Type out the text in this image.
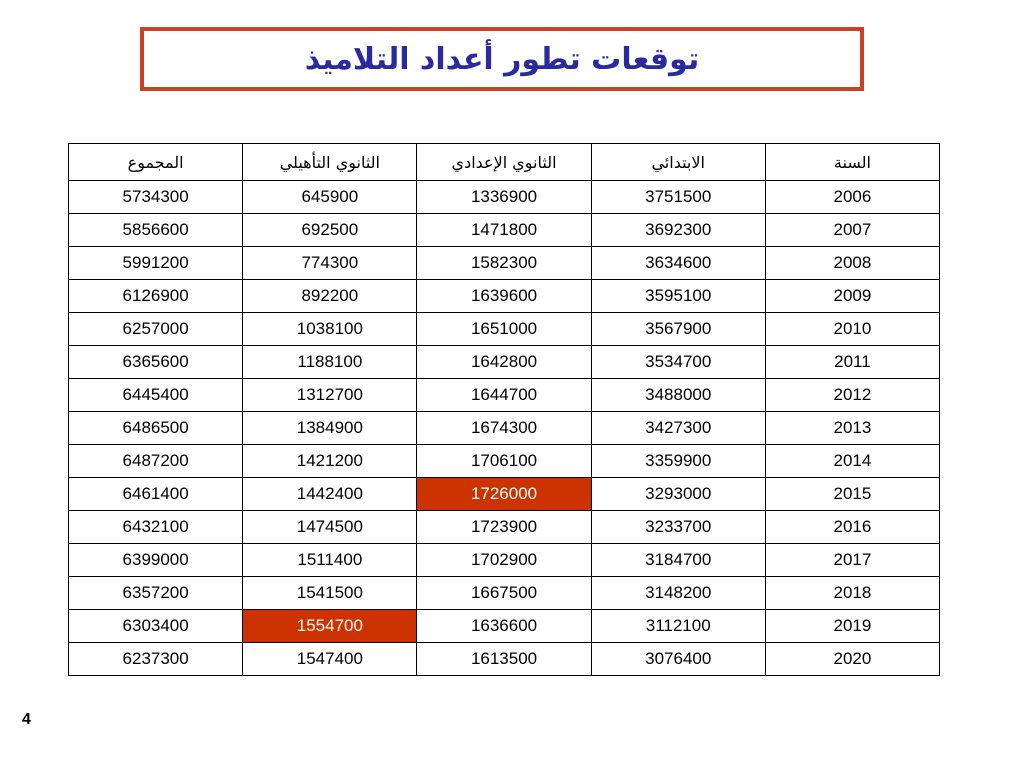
توقعات تطور أعداد التلاميذ
السنة	الابتدائي	الثانوي الإعدادي	الثانوي التأهيلي	المجموع
2006	3751500	1336900	645900	5734300
2007	3692300	1471800	692500	5856600
2008	3634600	1582300	774300	5991200
2009	3595100	1639600	892200	6126900
2010	3567900	1651000	1038100	6257000
2011	3534700	1642800	1188100	6365600
2012	3488000	1644700	1312700	6445400
2013	3427300	1674300	1384900	6486500
2014	3359900	1706100	1421200	6487200
2015	3293000	1726000	1442400	6461400
2016	3233700	1723900	1474500	6432100
2017	3184700	1702900	1511400	6399000
2018	3148200	1667500	1541500	6357200
2019	3112100	1636600	1554700	6303400
2020	3076400	1613500	1547400	6237300
4
